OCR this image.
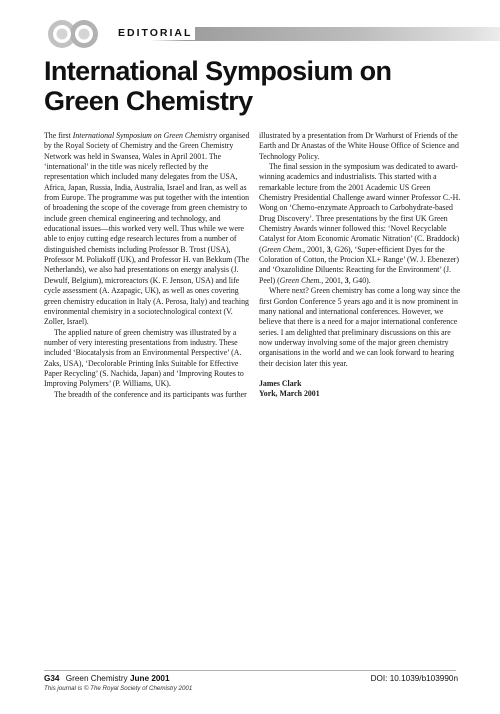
EDITORIAL
International Symposium on
Green Chemistry

The first International Symposium on Green Chemistry organised by the Royal Society of Chemistry and the Green Chemistry Network was held in Swansea, Wales in April 2001. The ‘international’ in the title was nicely reflected by the representation which included many delegates from the USA, Africa, Japan, Russia, India, Australia, Israel and Iran, as well as from Europe. The programme was put together with the intention of broadening the scope of the coverage from green chemistry to include green chemical engineering and technology, and educational issues—this worked very well. Thus while we were able to enjoy cutting edge research lectures from a number of distinguished chemists including Professor B. Trost (USA), Professor M. Poliakoff (UK), and Professor H. van Bekkum (The Netherlands), we also had presentations on energy analysis (J. Dewulf, Belgium), microreactors (K. F. Jenson, USA) and life cycle assessment (A. Azapagic, UK), as well as ones covering green chemistry education in Italy (A. Perosa, Italy) and teaching environmental chemistry in a sociotechnological context (V. Zoller, Israel).

The applied nature of green chemistry was illustrated by a number of very interesting presentations from industry. These included ‘Biocatalysis from an Environmental Perspective’ (A. Zaks, USA), ‘Decolorable Printing Inks Suitable for Effective Paper Recycling’ (S. Nachida, Japan) and ‘Improving Routes to Improving Polymers’ (P. Williams, UK).

The breadth of the conference and its participants was further

illustrated by a presentation from Dr Warhurst of Friends of the Earth and Dr Anastas of the White House Office of Science and Technology Policy.

The final session in the symposium was dedicated to award-winning academics and industrialists. This started with a remarkable lecture from the 2001 Academic US Green Chemistry Presidential Challenge award winner Professor C.-H. Wong on ‘Chemo-enzymate Approach to Carbohydrate-based Drug Discovery’. Three presentations by the first UK Green Chemistry Awards winner followed this: ‘Novel Recyclable Catalyst for Atom Economic Aromatic Nitration’ (C. Braddock) (Green Chem., 2001, 3, G26), ‘Super-efficient Dyes for the Coloration of Cotton, the Procion XL+ Range’ (W. J. Ebenezer) and ‘Oxazolidine Diluents: Reacting for the Environment’ (J. Peel) (Green Chem., 2001, 3, G40).

Where next? Green chemistry has come a long way since the first Gordon Conference 5 years ago and it is now prominent in many national and international conferences. However, we believe that there is a need for a major international conference series. I am delighted that preliminary discussions on this are now underway involving some of the major green chemistry organisations in the world and we can look forward to hearing their decision later this year.

James Clark
York, March 2001

G34 Green Chemistry June 2001	DOI: 10.1039/b103990n
This journal is © The Royal Society of Chemistry 2001
